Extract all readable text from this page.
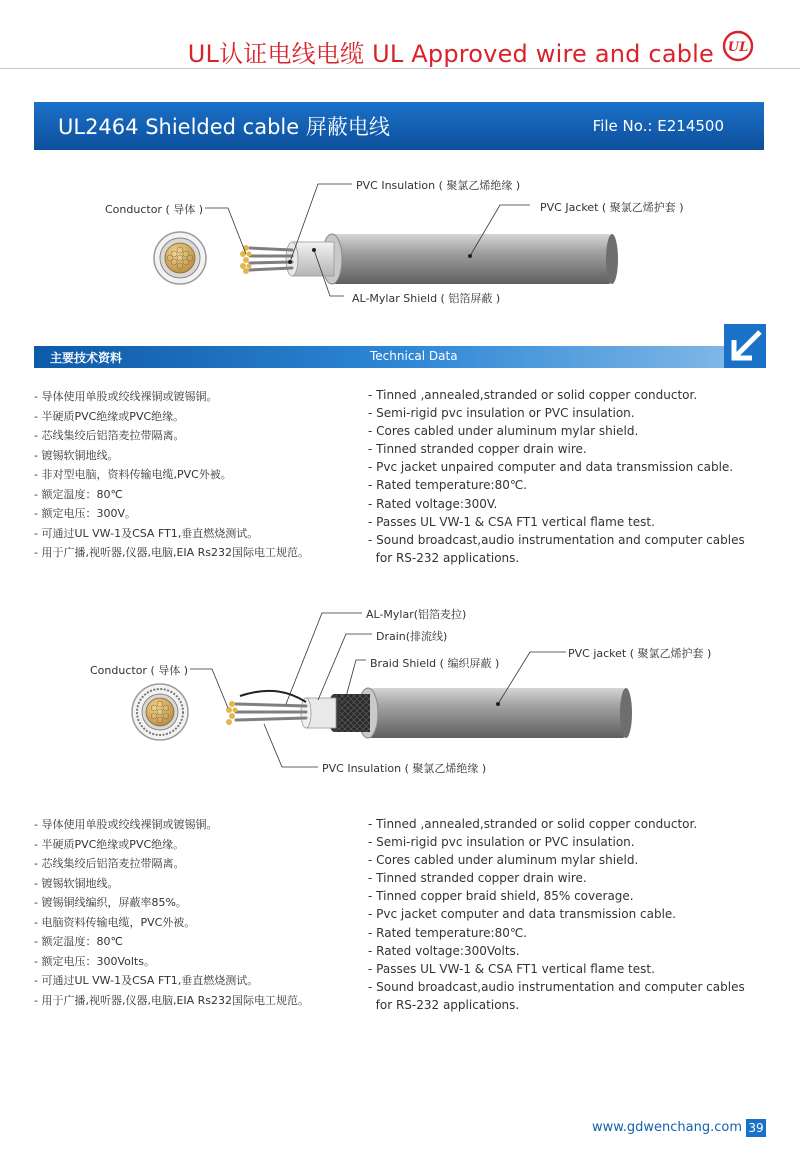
UL认证电线电缆 UL Approved wire and cable UL
UL2464 Shielded cable 屏蔽电线	File No.: E214500
PVC Insulation ( 聚氯乙烯绝缘 )
Conductor ( 导体 )	PVC Jacket ( 聚氯乙烯护套 )
AL-Mylar Shield ( 铝箔屏蔽 )
主要技术资料	Technical Data
- 导体使用单股或绞线裸铜或镀锡铜。
- 半硬质PVC绝缘或PVC绝缘。
- 芯线集绞后铝箔麦拉带隔离。
- 镀锡软铜地线。
- 非对型电脑，资料传输电缆,PVC外被。
- 额定温度：80℃
- 额定电压：300V。
- 可通过UL VW-1及CSA FT1,垂直燃烧测试。
- 用于广播,视听器,仪器,电脑,EIA Rs232国际电工规范。
- Tinned ,annealed,stranded or solid copper conductor.
- Semi-rigid pvc insulation or PVC insulation.
- Cores cabled under aluminum mylar shield.
- Tinned stranded copper drain wire.
- Pvc jacket unpaired computer and data transmission cable.
- Rated temperature:80℃.
- Rated voltage:300V.
- Passes UL VW-1 & CSA FT1 vertical flame test.
- Sound broadcast,audio instrumentation and computer cables
for RS-232 applications.
AL-Mylar(铝箔麦拉)
Drain(排流线)
Braid Shield ( 编织屏蔽 )
PVC jacket ( 聚氯乙烯护套 )
Conductor ( 导体 )
PVC Insulation ( 聚氯乙烯绝缘 )
- 导体使用单股或绞线裸铜或镀锡铜。
- 半硬质PVC绝缘或PVC绝缘。
- 芯线集绞后铝箔麦拉带隔离。
- 镀锡软铜地线。
- 镀锡铜线编织，屏蔽率85%。
- 电脑资料传输电缆，PVC外被。
- 额定温度：80℃
- 额定电压：300Volts。
- 可通过UL VW-1及CSA FT1,垂直燃烧测试。
- 用于广播,视听器,仪器,电脑,EIA Rs232国际电工规范。
- Tinned ,annealed,stranded or solid copper conductor.
- Semi-rigid pvc insulation or PVC insulation.
- Cores cabled under aluminum mylar shield.
- Tinned stranded copper drain wire.
- Tinned copper braid shield, 85% coverage.
- Pvc jacket computer and data transmission cable.
- Rated temperature:80℃.
- Rated voltage:300Volts.
- Passes UL VW-1 & CSA FT1 vertical flame test.
- Sound broadcast,audio instrumentation and computer cables
for RS-232 applications.
www.gdwenchang.com 39
